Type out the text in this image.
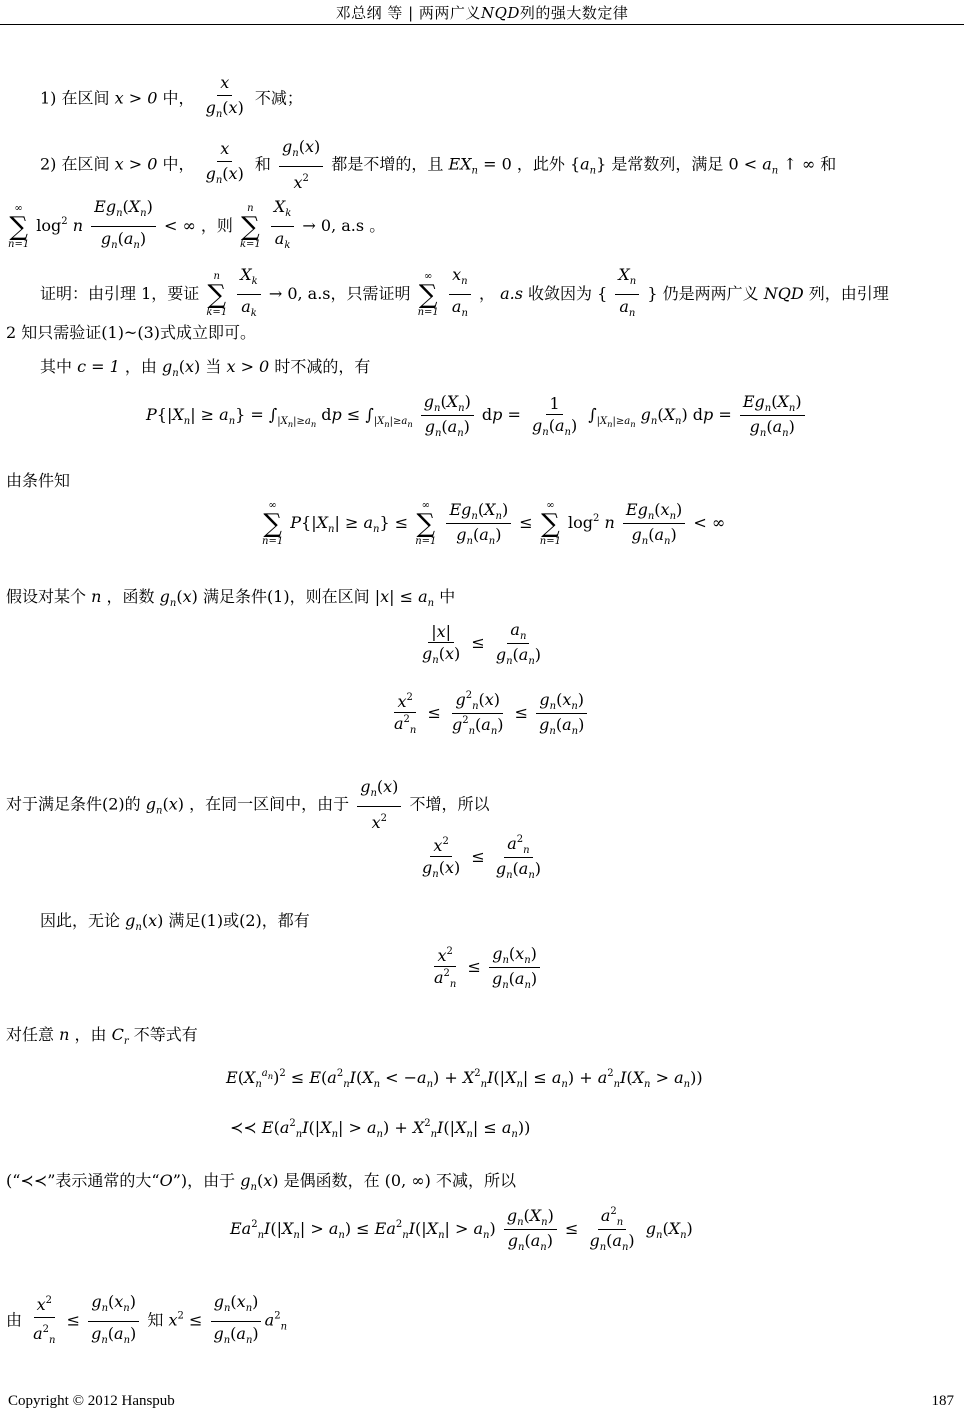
邓总纲 等 | 两两广义NQD列的强大数定律
1) 在区间 x > 0 中， $\frac{x}{g_n(x)}$ 不减；
2) 在区间 x > 0 中， $\frac{x}{g_n(x)}$ 和 $\frac{g_n(x)}{x^2}$ 都是不增的，且 $EX_n = 0$ ，此外 $\{a_n\}$ 是常数列，满足 $0 < a_n$ ↑ ∞ 和
∞
∑
n=1
$\log^2 n \frac{Eg_n(X_n)}{g_n(a_n)}$ < ∞ ，则
n
∑
k=1
$\frac{X_k}{a_k} \to 0$, a.s 。
证明：由引理 1，要证
n
∑
k=1
$\frac{X_k}{a_k} \to 0$, a.s，只需证明
∞
∑
n=1
$\frac{x_n}{a_n}$ ， a.s 收敛因为 { $\frac{X_n}{a_n}$ } 仍是两两广义 NQD 列，由引理
2 知只需验证(1)~(3)式成立即可。
其中 c = 1 ，由 $g_n(x)$ 当 x > 0 时不减的，有
$P\{|X_n| \ge a_n\} = \int_{|X_n|\ge a_n}$ dp ≤ $\int_{|X_n|\ge a_n} \frac{g_n(X_n)}{g_n(a_n)}$ dp = $\frac{1}{g_n(a_n)} \int_{|X_n|\ge a_n}$ $g_n(X_n)$ dp = $\frac{Eg_n(X_n)}{g_n(a_n)}$
由条件知
∞
∑
n=1
$P\{|X_n| \ge a_n\}$ ≤
∞
∑
n=1
$\frac{Eg_n(X_n)}{g_n(a_n)}$ ≤
∞
∑
n=1
$\log^2 n \frac{Eg_n(x_n)}{g_n(a_n)}$ < ∞
假设对某个 n ，函数 $g_n(x)$ 满足条件(1)，则在区间 $|x| \le a_n$ 中
$\frac{|x|}{g_n(x)} \le \frac{a_n}{g_n(a_n)}$
$\frac{x^2}{a^2_n} \le \frac{g^2_n(x)}{g^2_n(a_n)} \le \frac{g_n(x_n)}{g_n(a_n)}$
对于满足条件(2)的 $g_n(x)$ ，在同一区间中，由于 $\frac{g_n(x)}{x^2}$ 不增，所以
$\frac{x^2}{g_n(x)} \le \frac{a^2_n}{g_n(a_n)}$
因此，无论 $g_n(x)$ 满足(1)或(2)，都有
$\frac{x^2}{a^2_n} \le \frac{g_n(x_n)}{g_n(a_n)}$
对任意 n ，由 $C_r$ 不等式有
$E(X_n^{a_n})^2 \le E(a^2_nI(X_n < -a_n) + X^2_nI(|X_n| \le a_n) + a^2_nI(X_n > a_n))$
≺≺ $E(a^2_nI(|X_n| > a_n) + X^2_nI(|X_n| \le a_n))$
(“≺≺”表示通常的大“O”)，由于 $g_n(x)$ 是偶函数，在 (0, ∞) 不减，所以
$Ea^2_nI(|X_n| > a_n) \le Ea^2_nI(|X_n| > a_n) \frac{g_n(X_n)}{g_n(a_n)} \le \frac{a^2_n}{g_n(a_n)} g_n(X_n)$
由 $\frac{x^2}{a^2_n} \le \frac{g_n(x_n)}{g_n(a_n)}$ 知 $x^2 \le \frac{g_n(x_n)}{g_n(a_n)} a^2_n$
Copyright © 2012 Hanspub	187
